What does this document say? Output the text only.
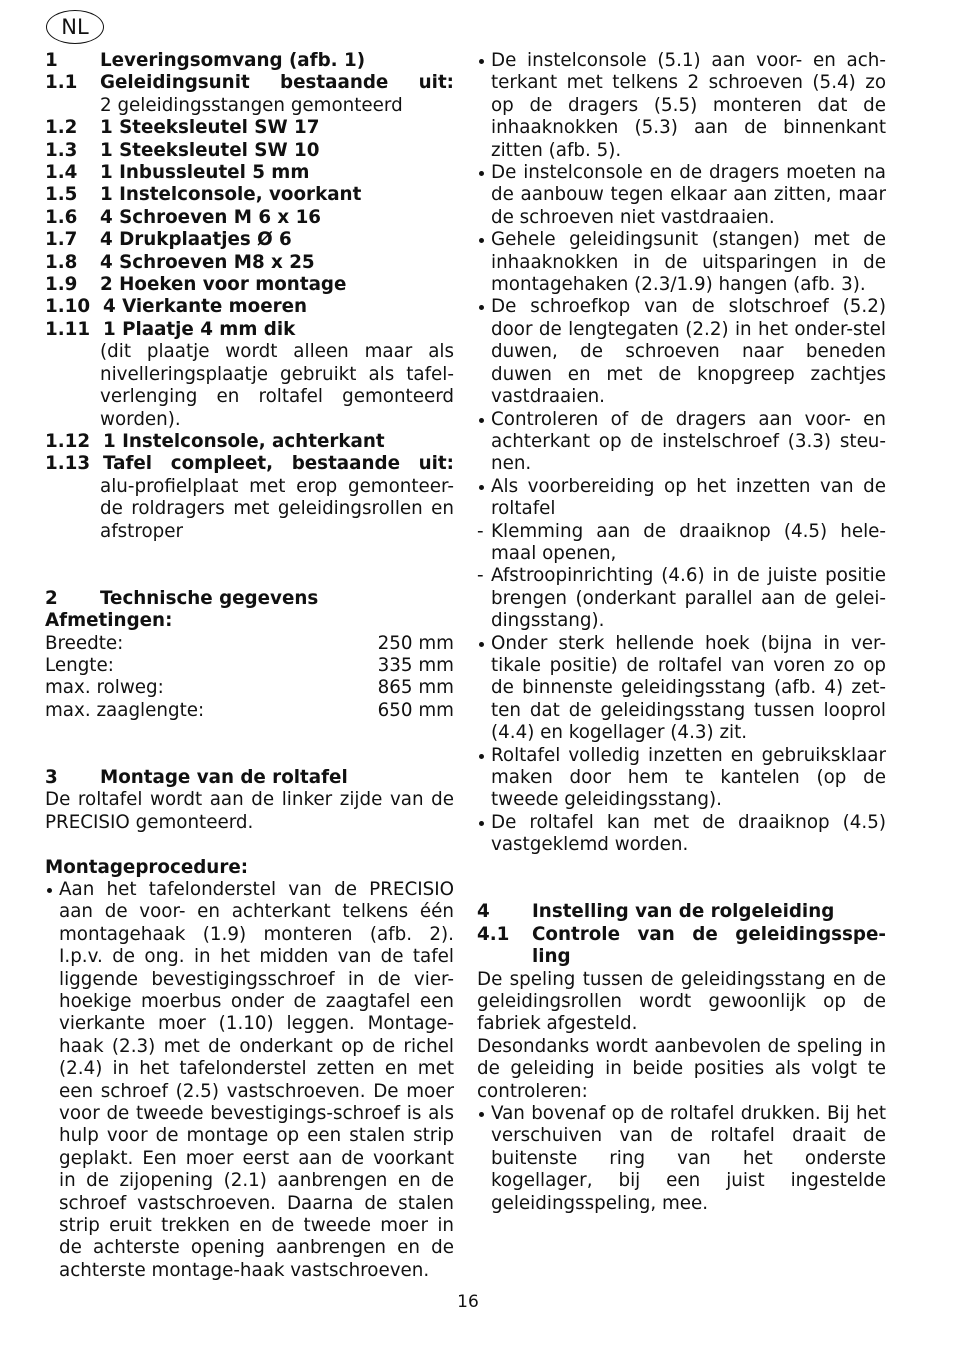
NL
1	Leveringsomvang (afb. 1)
1.1	Geleidingsunit bestaande uit:
2 geleidingsstangen gemonteerd
1.2	1 Steeksleutel SW 17
1.3	1 Steeksleutel SW 10
1.4	1 Inbussleutel 5 mm
1.5	1 Instelconsole, voorkant
1.6	4 Schroeven M 6 x 16
1.7	4 Drukplaatjes Ø 6
1.8	4 Schroeven M8 x 25
1.9	2 Hoeken voor montage
1.10 4 Vierkante moeren
1.11 1 Plaatje 4 mm dik
(dit plaatje wordt alleen maar als nivelleringsplaatje gebruikt als tafel-verlenging en roltafel gemonteerd worden).
1.12 1 Instelconsole, achterkant
1.13 Tafel compleet, bestaande uit:
alu-profielplaat met erop gemonteer-de roldragers met geleidingsrollen en afstroper
2	Technische gegevens
Afmetingen:
Breedte:	250 mm
Lengte:	335 mm
max. rolweg:	865 mm
max. zaaglengte:	650 mm
3	Montage van de roltafel
De roltafel wordt aan de linker zijde van de PRECISIO gemonteerd.
Montageprocedure:
Aan het tafelonderstel van de PRECISIO aan de voor- en achterkant telkens één montagehaak (1.9) monteren (afb. 2). I.p.v. de ong. in het midden van de tafel liggende bevestigingsschroef in de vier-hoekige moerbus onder de zaagtafel een vierkante moer (1.10) leggen. Montage-haak (2.3) met de onderkant op de richel (2.4) in het tafelonderstel zetten en met een schroef (2.5) vastschroeven. De moer voor de tweede bevestigings-schroef is als hulp voor de montage op een stalen strip geplakt. Een moer eerst aan de voorkant in de zijopening (2.1) aanbrengen en de schroef vastschroeven. Daarna de stalen strip eruit trekken en de tweede moer in de achterste opening aanbrengen en de achterste montage-haak vastschroeven.
De instelconsole (5.1) aan voor- en ach-terkant met telkens 2 schroeven (5.4) zo op de dragers (5.5) monteren dat de inhaaknokken (5.3) aan de binnenkant zitten (afb. 5).
De instelconsole en de dragers moeten na de aanbouw tegen elkaar aan zitten, maar de schroeven niet vastdraaien.
Gehele geleidingsunit (stangen) met de inhaaknokken in de uitsparingen in de montagehaken (2.3/1.9) hangen (afb. 3).
De schroefkop van de slotschroef (5.2) door de lengtegaten (2.2) in het onder-stel duwen, de schroeven naar beneden duwen en met de knopgreep zachtjes vastdraaien.
Controleren of de dragers aan voor- en achterkant op de instelschroef (3.3) steu-nen.
Als voorbereiding op het inzetten van de roltafel
- Klemming aan de draaiknop (4.5) hele-maal openen,
- Afstroopinrichting (4.6) in de juiste positie brengen (onderkant parallel aan de gelei-dingsstang).
Onder sterk hellende hoek (bijna in ver-tikale positie) de roltafel van voren zo op de binnenste geleidingsstang (afb. 4) zet-ten dat de geleidingsstang tussen looprol (4.4) en kogellager (4.3) zit.
Roltafel volledig inzetten en gebruiksklaar maken door hem te kantelen (op de tweede geleidingsstang).
De roltafel kan met de draaiknop (4.5) vastgeklemd worden.
4	Instelling van de rolgeleiding
4.1	Controle van de geleidingsspe-ling
De speling tussen de geleidingsstang en de geleidingsrollen wordt gewoonlijk op de fabriek afgesteld.
Desondanks wordt aanbevolen de speling in de geleiding in beide posities als volgt te controleren:
Van bovenaf op de roltafel drukken. Bij het verschuiven van de roltafel draait de buitenste ring van het onderste kogellager, bij een juist ingestelde geleidingsspeling, mee.
16
